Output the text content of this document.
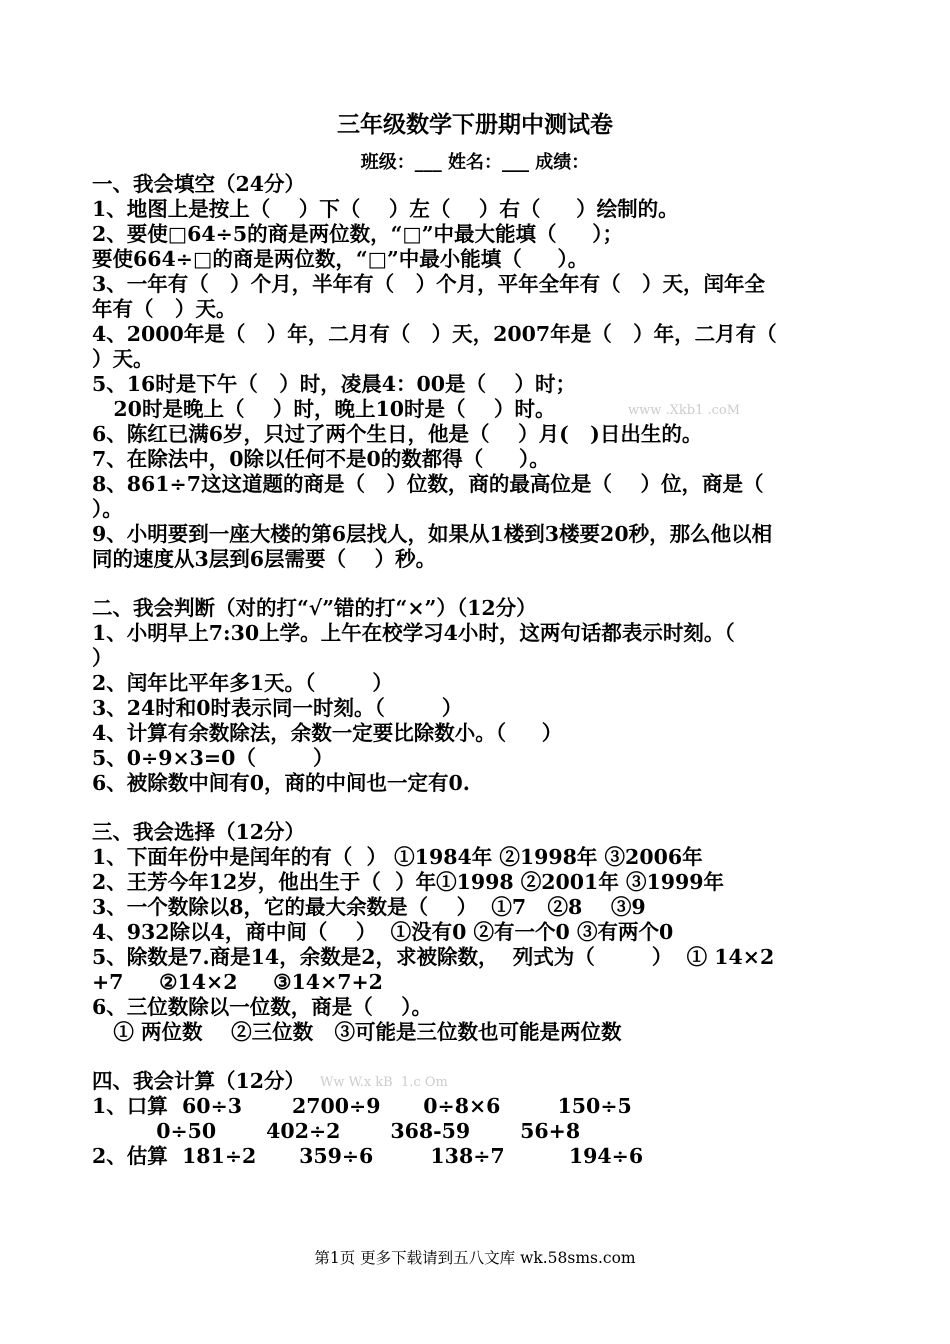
三年级数学下册期中测试卷
班级：___ 姓名：___ 成绩：
一、我会填空（24分）
1、地图上是按上（    ）下（    ）左（    ）右（     ）绘制的。
2、要使□64÷5的商是两位数，“□”中最大能填（     ）；
要使664÷□的商是两位数，“□”中最小能填（     ）。
3、一年有（   ）个月，半年有（   ）个月，平年全年有（   ）天，闰年全
年有（   ）天。
4、2000年是（   ）年，二月有（   ）天，2007年是（   ）年，二月有（
）天。
5、16时是下午（   ）时，凌晨4：00是（    ）时；
20时是晚上（    ）时，晚上10时是（    ）时。
6、陈红已满6岁，只过了两个生日，他是（    ）月(   )日出生的。
7、在除法中，0除以任何不是0的数都得（     ）。
8、861÷7这这道题的商是（   ）位数，商的最高位是（    ）位，商是（
）。
9、小明要到一座大楼的第6层找人，如果从1楼到3楼要20秒，那么他以相
同的速度从3层到6层需要（    ）秒。
二、我会判断（对的打“√”错的打“×”）（12分）
1、小明早上7:30上学。上午在校学习4小时，这两句话都表示时刻。（
）
2、闰年比平年多1天。（        ）
3、24时和0时表示同一时刻。（        ）
4、计算有余数除法，余数一定要比除数小。（     ）
5、0÷9×3=0（        ）
6、被除数中间有0，商的中间也一定有0.
三、我会选择（12分）
1、下面年份中是闰年的有（  ） ①1984年 ②1998年 ③2006年
2、王芳今年12岁，他出生于（  ）年①1998 ②2001年 ③1999年
3、一个数除以8，它的最大余数是（    ）  ①7   ②8    ③9
4、932除以4，商中间（    ）  ①没有0 ②有一个0 ③有两个0
5、除数是7.商是14，余数是2，求被除数，  列式为（        ）  ① 14×2
+7     ②14×2     ③14×7+2
6、三位数除以一位数，商是（    ）。
① 两位数    ②三位数   ③可能是三位数也可能是两位数
四、我会计算（12分）
1、口算  60÷3       2700÷9      0÷8×6        150÷5
0÷50       402÷2       368-59       56+8
2、估算  181÷2      359÷6        138÷7         194÷6
www .Xkb1 .coM
Ww W.x kB  1.c Om
第1页 更多下载请到五八文库 wk.58sms.com
